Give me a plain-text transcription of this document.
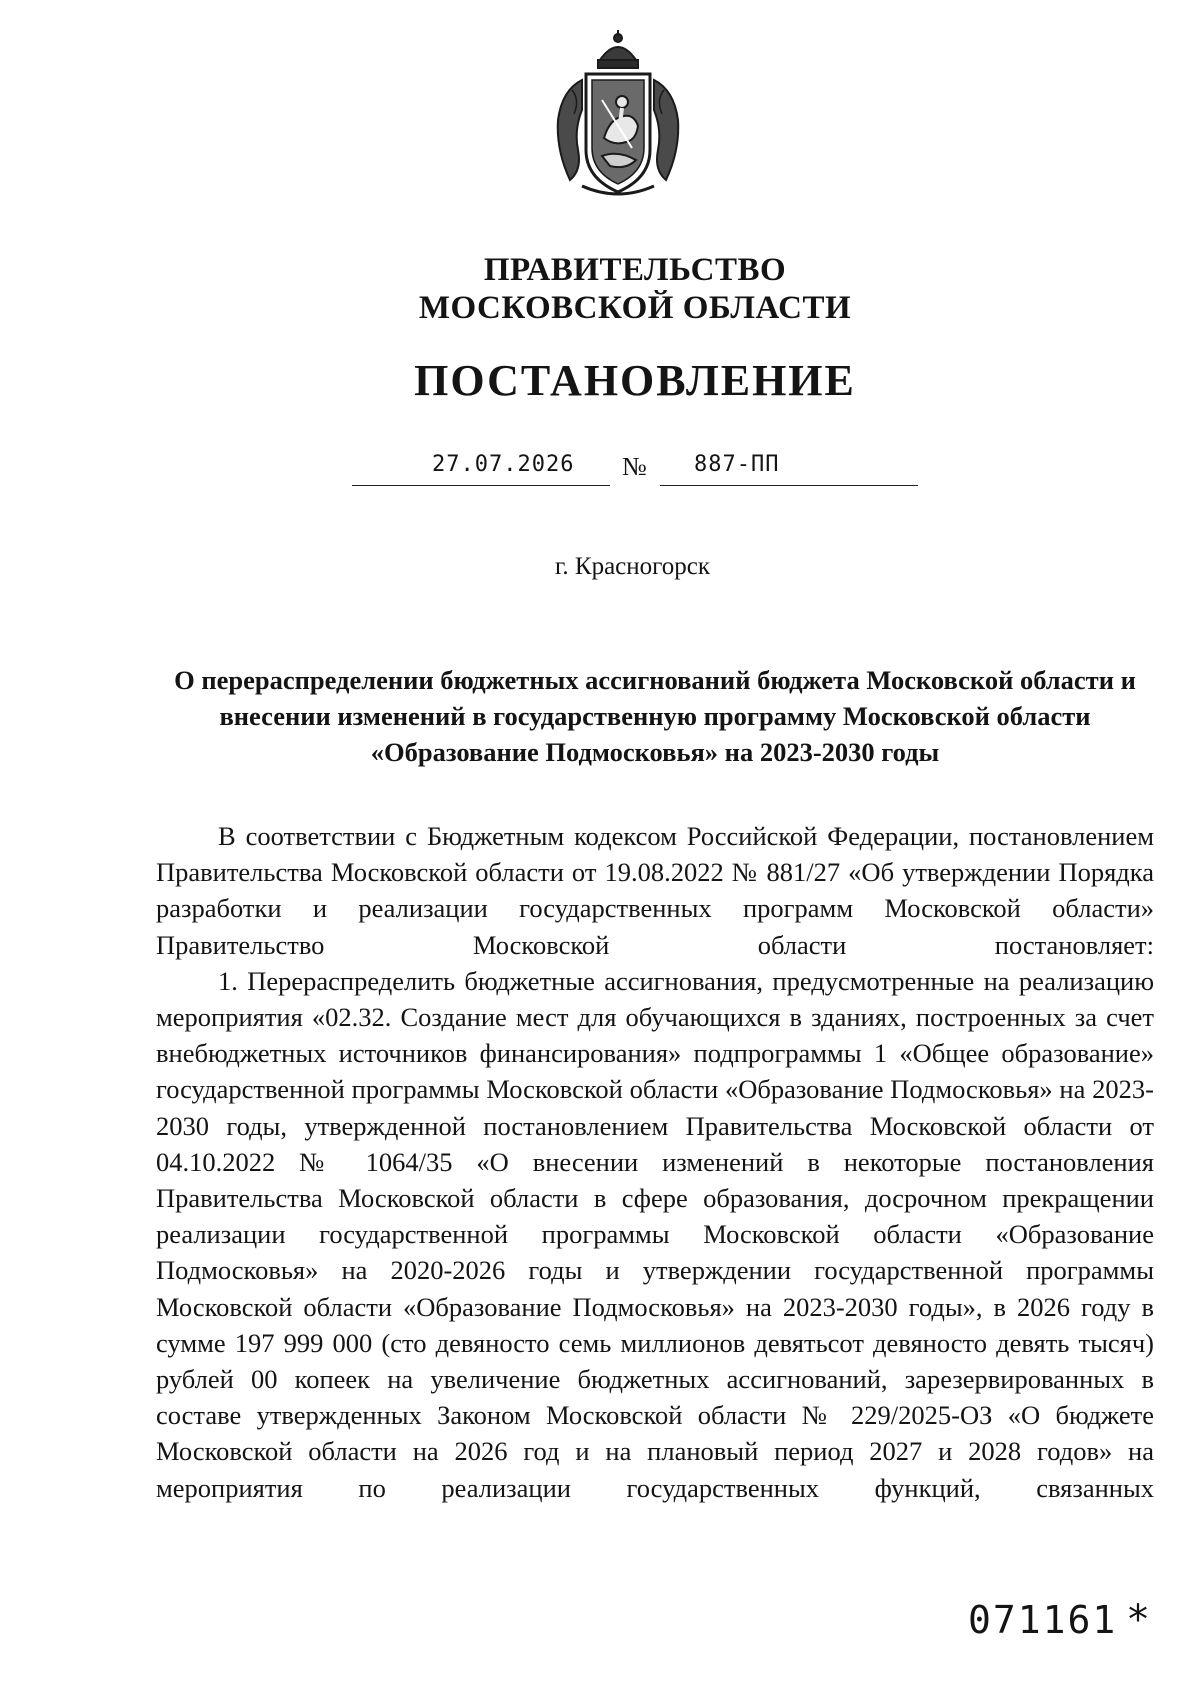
ПРАВИТЕЛЬСТВО
МОСКОВСКОЙ ОБЛАСТИ
ПОСТАНОВЛЕНИЕ
27.07.2026 № 887-ПП
г. Красногорск
О перераспределении бюджетных ассигнований бюджета Московской области и внесении изменений в государственную программу Московской области «Образование Подмосковья» на 2023-2030 годы

В соответствии с Бюджетным кодексом Российской Федерации, постановлением Правительства Московской области от 19.08.2022 № 881/27 «Об утверждении Порядка разработки и реализации государственных программ Московской области» Правительство Московской области постановляет:

1. Перераспределить бюджетные ассигнования, предусмотренные на реализацию мероприятия «02.32. Создание мест для обучающихся в зданиях, построенных за счет внебюджетных источников финансирования» подпрограммы 1 «Общее образование» государственной программы Московской области «Образование Подмосковья» на 2023-2030 годы, утвержденной постановлением Правительства Московской области от 04.10.2022 № 1064/35 «О внесении изменений в некоторые постановления Правительства Московской области в сфере образования, досрочном прекращении реализации государственной программы Московской области «Образование Подмосковья» на 2020-2026 годы и утверждении государственной программы Московской области «Образование Подмосковья» на 2023-2030 годы», в 2026 году в сумме 197 999 000 (сто девяносто семь миллионов девятьсот девяносто девять тысяч) рублей 00 копеек на увеличение бюджетных ассигнований, зарезервированных в составе утвержденных Законом Московской области № 229/2025-ОЗ «О бюджете Московской области на 2026 год и на плановый период 2027 и 2028 годов» на мероприятия по реализации государственных функций, связанных

071161 *
